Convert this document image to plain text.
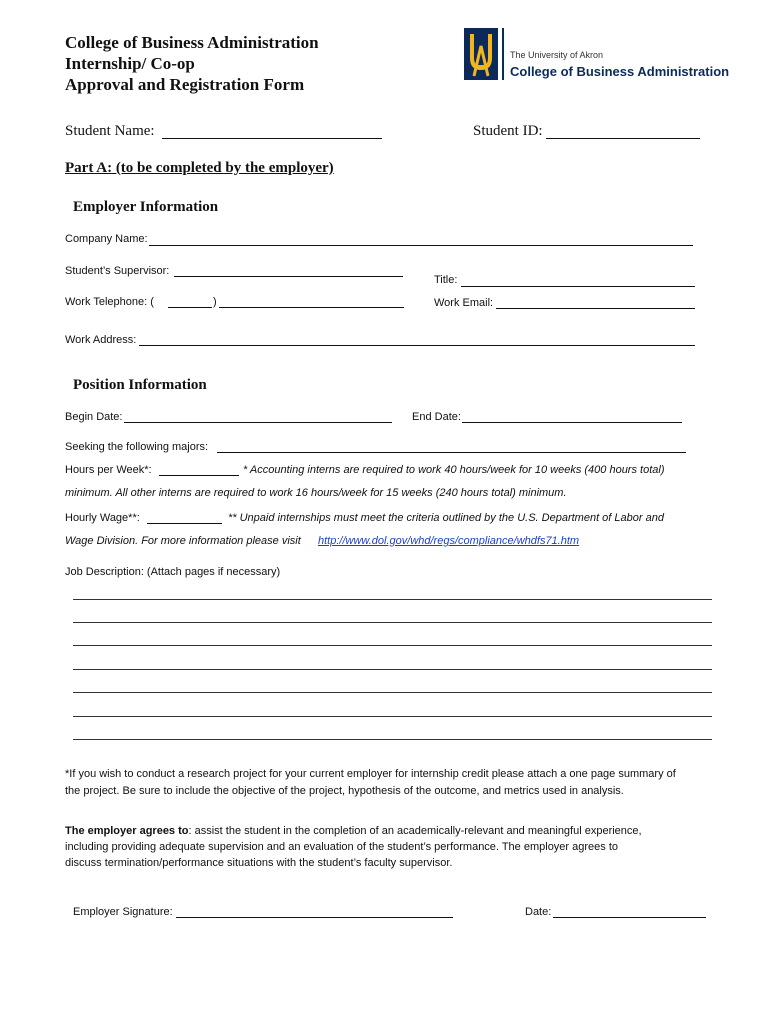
College of Business Administration
Internship/ Co-op
Approval and Registration Form
The University of Akron
College of Business Administration
Student Name:	Student ID:
Part A: (to be completed by the employer)
Employer Information
Company Name:
Student’s Supervisor:
Title:
Work Telephone: (	)	Work Email:
Work Address:
Position Information
Begin Date:	End Date:
Seeking the following majors:
Hours per Week*:	* Accounting interns are required to work 40 hours/week for 10 weeks (400 hours total)
minimum. All other interns are required to work 16 hours/week for 15 weeks (240 hours total) minimum.
Hourly Wage**:	** Unpaid internships must meet the criteria outlined by the U.S. Department of Labor and
Wage Division. For more information please visit http://www.dol.gov/whd/regs/compliance/whdfs71.htm
Job Description: (Attach pages if necessary)
*If you wish to conduct a research project for your current employer for internship credit please attach a one page summary of
the project. Be sure to include the objective of the project, hypothesis of the outcome, and metrics used in analysis.
The employer agrees to: assist the student in the completion of an academically-relevant and meaningful experience,
including providing adequate supervision and an evaluation of the student’s performance. The employer agrees to
discuss termination/performance situations with the student’s faculty supervisor.
Employer Signature:	Date:
